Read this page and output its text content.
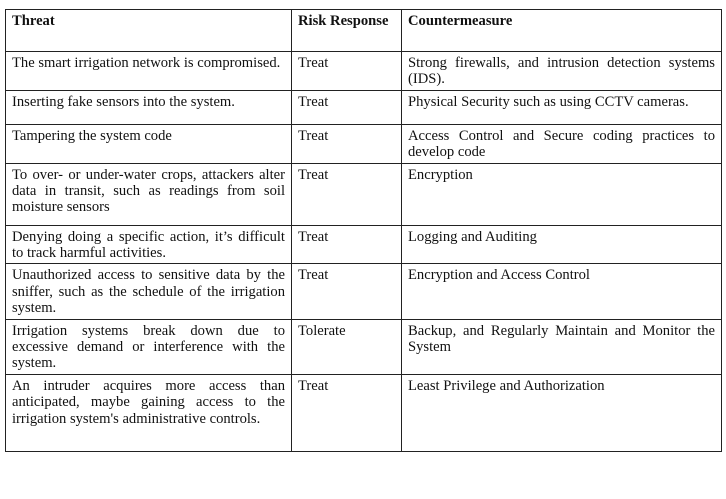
Threat	Risk Response	Countermeasure
The smart irrigation network is compromised.	Treat	Strong firewalls, and intrusion detection systems (IDS).
Inserting fake sensors into the system.	Treat	Physical Security such as using CCTV cameras.
Tampering the system code	Treat	Access Control and Secure coding practices to develop code
To over- or under-water crops, attackers alter data in transit, such as readings from soil moisture sensors	Treat	Encryption
Denying doing a specific action, it’s difficult to track harmful activities.	Treat	Logging and Auditing
Unauthorized access to sensitive data by the sniffer, such as the schedule of the irrigation system.	Treat	Encryption and Access Control
Irrigation systems break down due to excessive demand or interference with the system.	Tolerate	Backup, and Regularly Maintain and Monitor the System
An intruder acquires more access than anticipated, maybe gaining access to the irrigation system's administrative controls.	Treat	Least Privilege and Authorization
